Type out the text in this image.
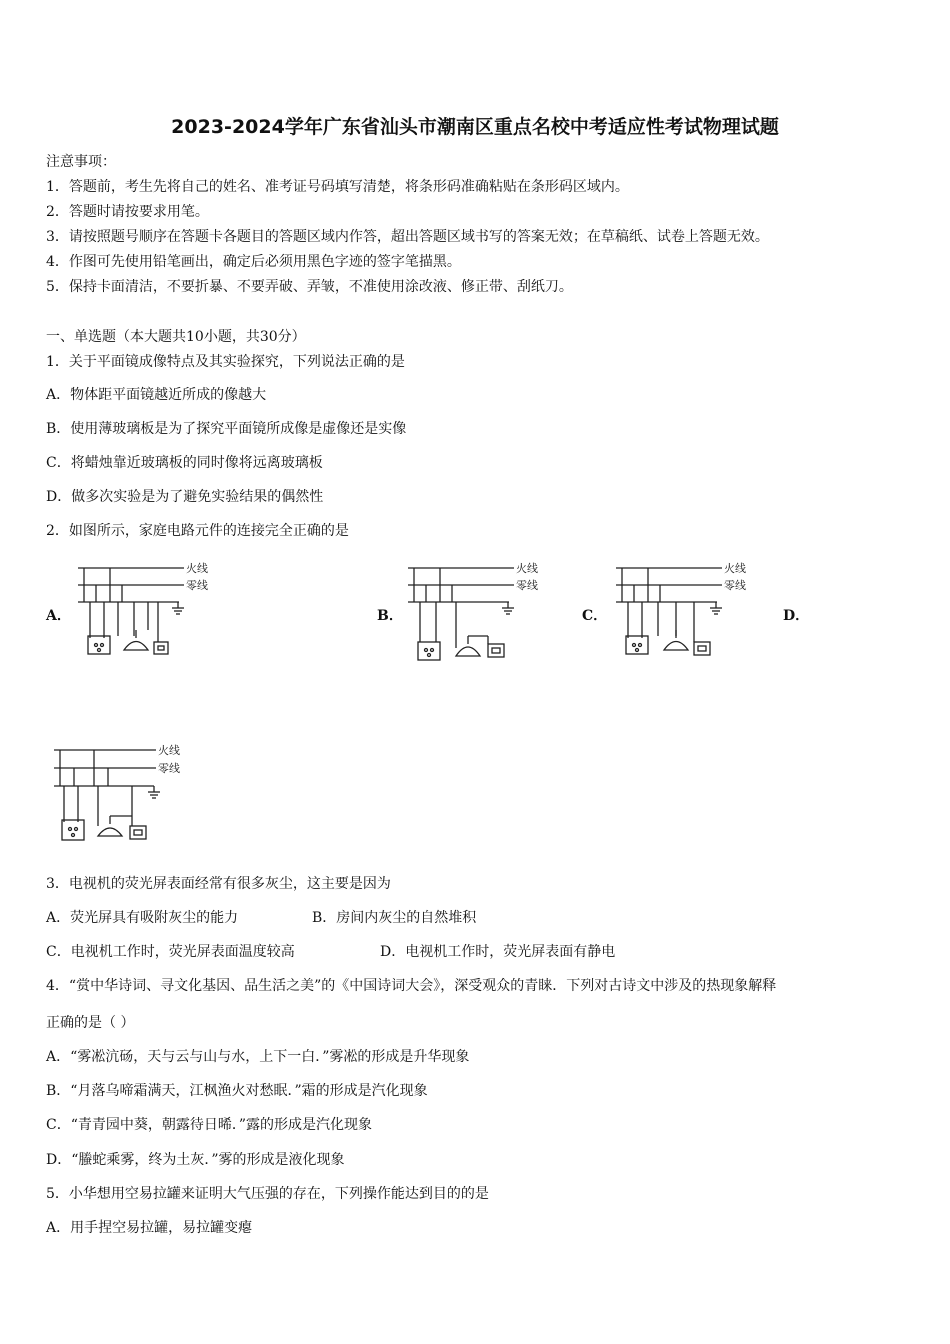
2023-2024学年广东省汕头市潮南区重点名校中考适应性考试物理试题
注意事项：
1．答题前，考生先将自己的姓名、准考证号码填写清楚，将条形码准确粘贴在条形码区域内。
2．答题时请按要求用笔。
3．请按照题号顺序在答题卡各题目的答题区域内作答，超出答题区域书写的答案无效；在草稿纸、试卷上答题无效。
4．作图可先使用铅笔画出，确定后必须用黑色字迹的签字笔描黑。
5．保持卡面清洁，不要折暴、不要弄破、弄皱，不准使用涂改液、修正带、刮纸刀。
一、单选题（本大题共10小题，共30分）
1．关于平面镜成像特点及其实验探究，下列说法正确的是
A．物体距平面镜越近所成的像越大
B．使用薄玻璃板是为了探究平面镜所成像是虚像还是实像
C．将蜡烛靠近玻璃板的同时像将远离玻璃板
D．做多次实验是为了避免实验结果的偶然性
2．如图所示，家庭电路元件的连接完全正确的是
A．	B．	C．	D．
火线
零线
火线
零线
火线
零线
火线
零线
3．电视机的荧光屏表面经常有很多灰尘，这主要是因为
A．荧光屏具有吸附灰尘的能力	B．房间内灰尘的自然堆积
C．电视机工作时，荧光屏表面温度较高	D．电视机工作时，荧光屏表面有静电
4．“赏中华诗词、寻文化基因、品生活之美”的《中国诗词大会》，深受观众的青睐．下列对古诗文中涉及的热现象解释
正确的是（ ）
A．“雾凇沆砀，天与云与山与水，上下一白．”雾凇的形成是升华现象
B．“月落乌啼霜满天，江枫渔火对愁眠．”霜的形成是汽化现象
C．“青青园中葵，朝露待日晞．”露的形成是汽化现象
D．“螣蛇乘雾，终为土灰．”雾的形成是液化现象
5．小华想用空易拉罐来证明大气压强的存在，下列操作能达到目的的是
A．用手捏空易拉罐，易拉罐变瘪
